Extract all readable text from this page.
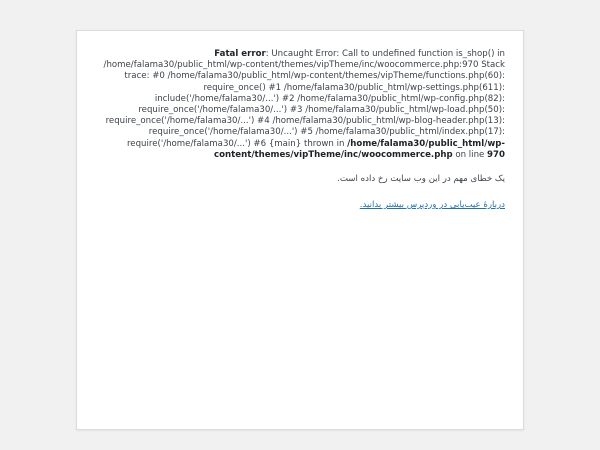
Fatal error: Uncaught Error: Call to undefined function is_shop() in /home/falama30/public_html/wp-content/themes/vipTheme/inc/woocommerce.php:970 Stack trace: #0 /home/falama30/public_html/wp-content/themes/vipTheme/functions.php(60): require_once() #1 /home/falama30/public_html/wp-settings.php(611): include('/home/falama30/...') #2 /home/falama30/public_html/wp-config.php(82): require_once('/home/falama30/...') #3 /home/falama30/public_html/wp-load.php(50): require_once('/home/falama30/...') #4 /home/falama30/public_html/wp-blog-header.php(13): require_once('/home/falama30/...') #5 /home/falama30/public_html/index.php(17): require('/home/falama30/...') #6 {main} thrown in /home/falama30/public_html/wp-content/themes/vipTheme/inc/woocommerce.php on line 970

یک خطای مهم در این وب سایت رخ داده است.

دربارهٔ عیب‌یابی در وردپرس بیشتر بدانید.
